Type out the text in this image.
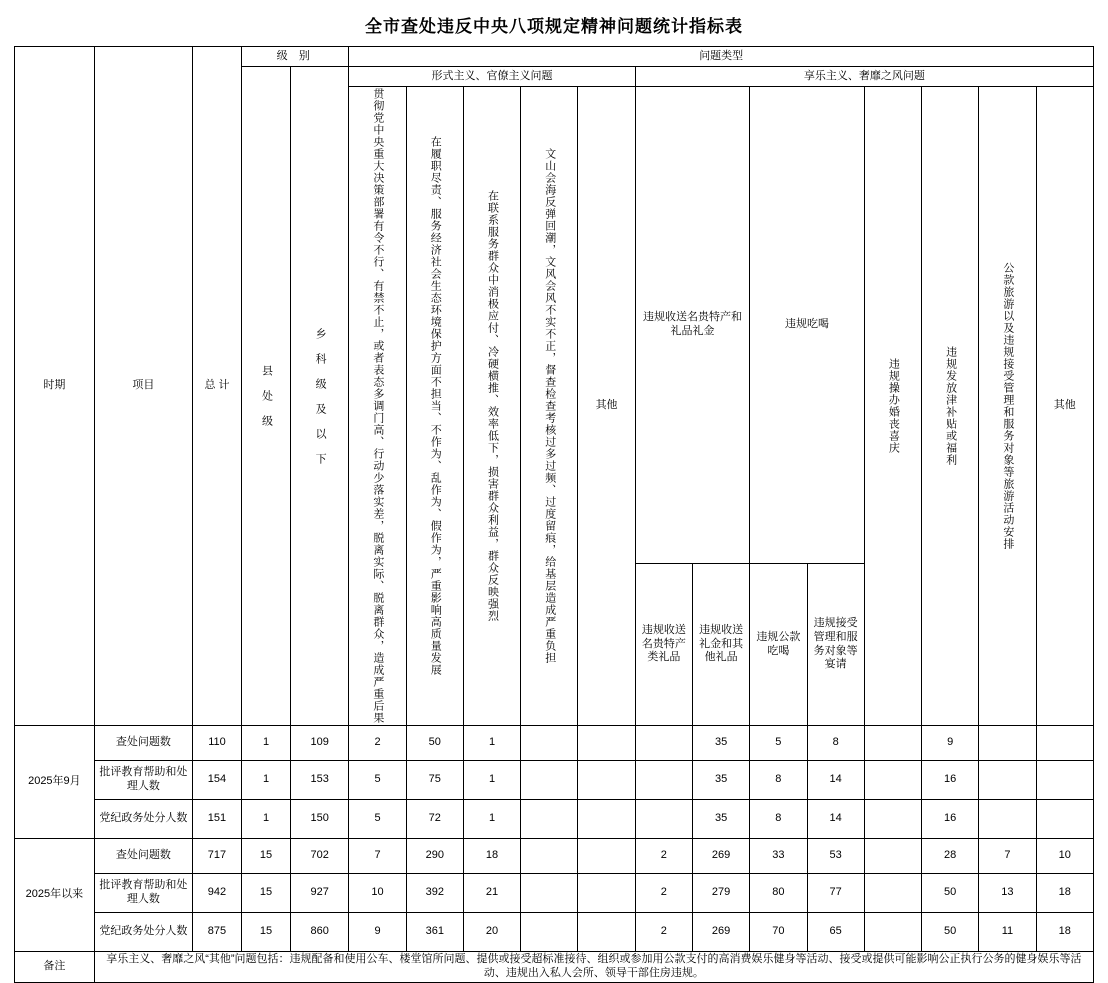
全市查处违反中央八项规定精神问题统计指标表
时期	项目	总 计	级 别		问题类型												

			县 处 级	乡 科 级 及 以 下	形式主义、官僚主义问题					享乐主义、奢靡之风问题							

					贯彻党中央重大决策部署有令不行、有禁不止，或者表态多调门高、行动少落实差，脱离实际、脱离群众，造成严重后果	在履职尽责、服务经济社会生态环境保护方面不担当、不作为、乱作为、假作为，严重影响高质量发展	在联系服务群众中消极应付、冷硬横推、效率低下，损害群众利益，群众反映强烈	文山会海反弹回潮，文风会风不实不正，督查检查考核过多过频、过度留痕，给基层造成严重负担	其他	违规收送名贵特产和礼品礼金		违规吃喝		违规操办婚丧喜庆	违规发放津补贴或福利	公款旅游以及违规接受管理和服务对象等旅游活动安排	其他
										违规收送名贵特产类礼品	违规收送礼金和其他礼品	违规公款吃喝	违规接受管理和服务对象等宴请				
2025年9月	查处问题数	110	1	109	2	50	1				35	5	8		9		
	批评教育帮助和处理人数	154	1	153	5	75	1				35	8	14		16		
	党纪政务处分人数	151	1	150	5	72	1				35	8	14		16		
2025年以来	查处问题数	717	15	702	7	290	18			2	269	33	53		28	7	10
	批评教育帮助和处理人数	942	15	927	10	392	21			2	279	80	77		50	13	18
	党纪政务处分人数	875	15	860	9	361	20			2	269	70	65		50	11	18
备注	享乐主义、奢靡之风“其他”问题包括：违规配备和使用公车、楼堂馆所问题、提供或接受超标准接待、组织或参加用公款支付的高消费娱乐健身等活动、接受或提供可能影响公正执行公务的健身娱乐等活动、违规出入私人会所、领导干部住房违规。																
